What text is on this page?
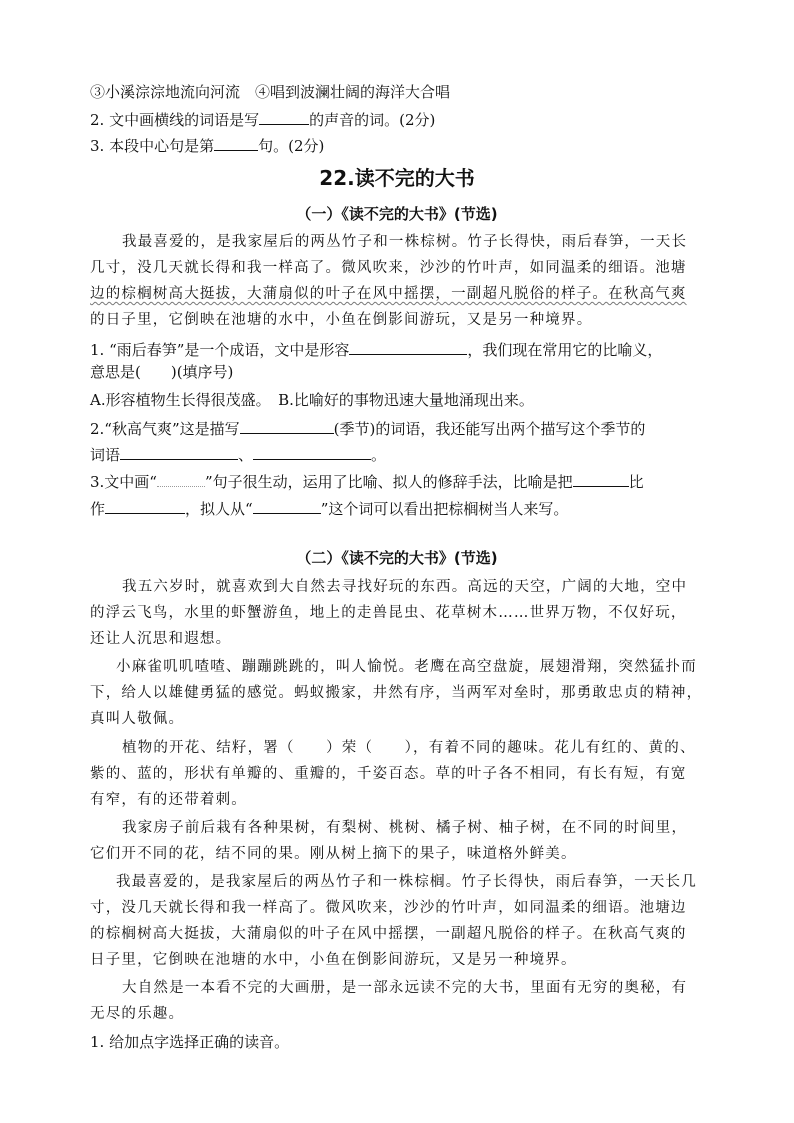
③小溪淙淙地流向河流　④唱到波澜壮阔的海洋大合唱
2. 文中画横线的词语是写	的声音的词。(2分)
3. 本段中心句是第	句。(2分)
22.读不完的大书
（一）《读不完的大书》(节选)
我最喜爱的，是我家屋后的两丛竹子和一株棕树。竹子长得快，雨后春笋，一天长
几寸，没几天就长得和我一样高了。微风吹来，沙沙的竹叶声，如同温柔的细语。池塘
边的棕榈树高大挺拔，大蒲扇似的叶子在风中摇摆，一副超凡脱俗的样子。在秋高气爽
的日子里，它倒映在池塘的水中，小鱼在倒影间游玩，又是另一种境界。
1. “雨后春笋”是一个成语，文中是形容	，我们现在常用它的比喻义，
意思是(　　)(填序号)
A.形容植物生长得很茂盛。　B.比喻好的事物迅速大量地涌现出来。
2.“秋高气爽”这是描写	(季节)的词语，我还能写出两个描写这个季节的
词语	、	。
3.文中画“	”句子很生动，运用了比喻、拟人的修辞手法，比喻是把	比
作	，拟人从“	”这个词可以看出把棕榈树当人来写。
（二）《读不完的大书》(节选)
我五六岁时，就喜欢到大自然去寻找好玩的东西。高远的天空，广阔的大地，空中
的浮云飞鸟，水里的虾蟹游鱼，地上的走兽昆虫、花草树木……世界万物，不仅好玩，
还让人沉思和遐想。
小麻雀叽叽喳喳、蹦蹦跳跳的，叫人愉悦。老鹰在高空盘旋，展翅滑翔，突然猛扑而
下，给人以雄健勇猛的感觉。蚂蚁搬家，井然有序，当两军对垒时，那勇敢忠贞的精神，
真叫人敬佩。
植物的开花、结籽，署（　　）荣（　　），有着不同的趣味。花儿有红的、黄的、
紫的、蓝的，形状有单瓣的、重瓣的，千姿百态。草的叶子各不相同，有长有短，有宽
有窄，有的还带着刺。
我家房子前后栽有各种果树，有梨树、桃树、橘子树、柚子树，在不同的时间里，
它们开不同的花，结不同的果。刚从树上摘下的果子，味道格外鲜美。
我最喜爱的，是我家屋后的两丛竹子和一株棕榈。竹子长得快，雨后春笋，一天长几
寸，没几天就长得和我一样高了。微风吹来，沙沙的竹叶声，如同温柔的细语。池塘边
的棕榈树高大挺拔，大蒲扇似的叶子在风中摇摆，一副超凡脱俗的样子。在秋高气爽的
日子里，它倒映在池塘的水中，小鱼在倒影间游玩，又是另一种境界。
大自然是一本看不完的大画册，是一部永远读不完的大书，里面有无穷的奥秘，有
无尽的乐趣。
1. 给加点字选择正确的读音。
